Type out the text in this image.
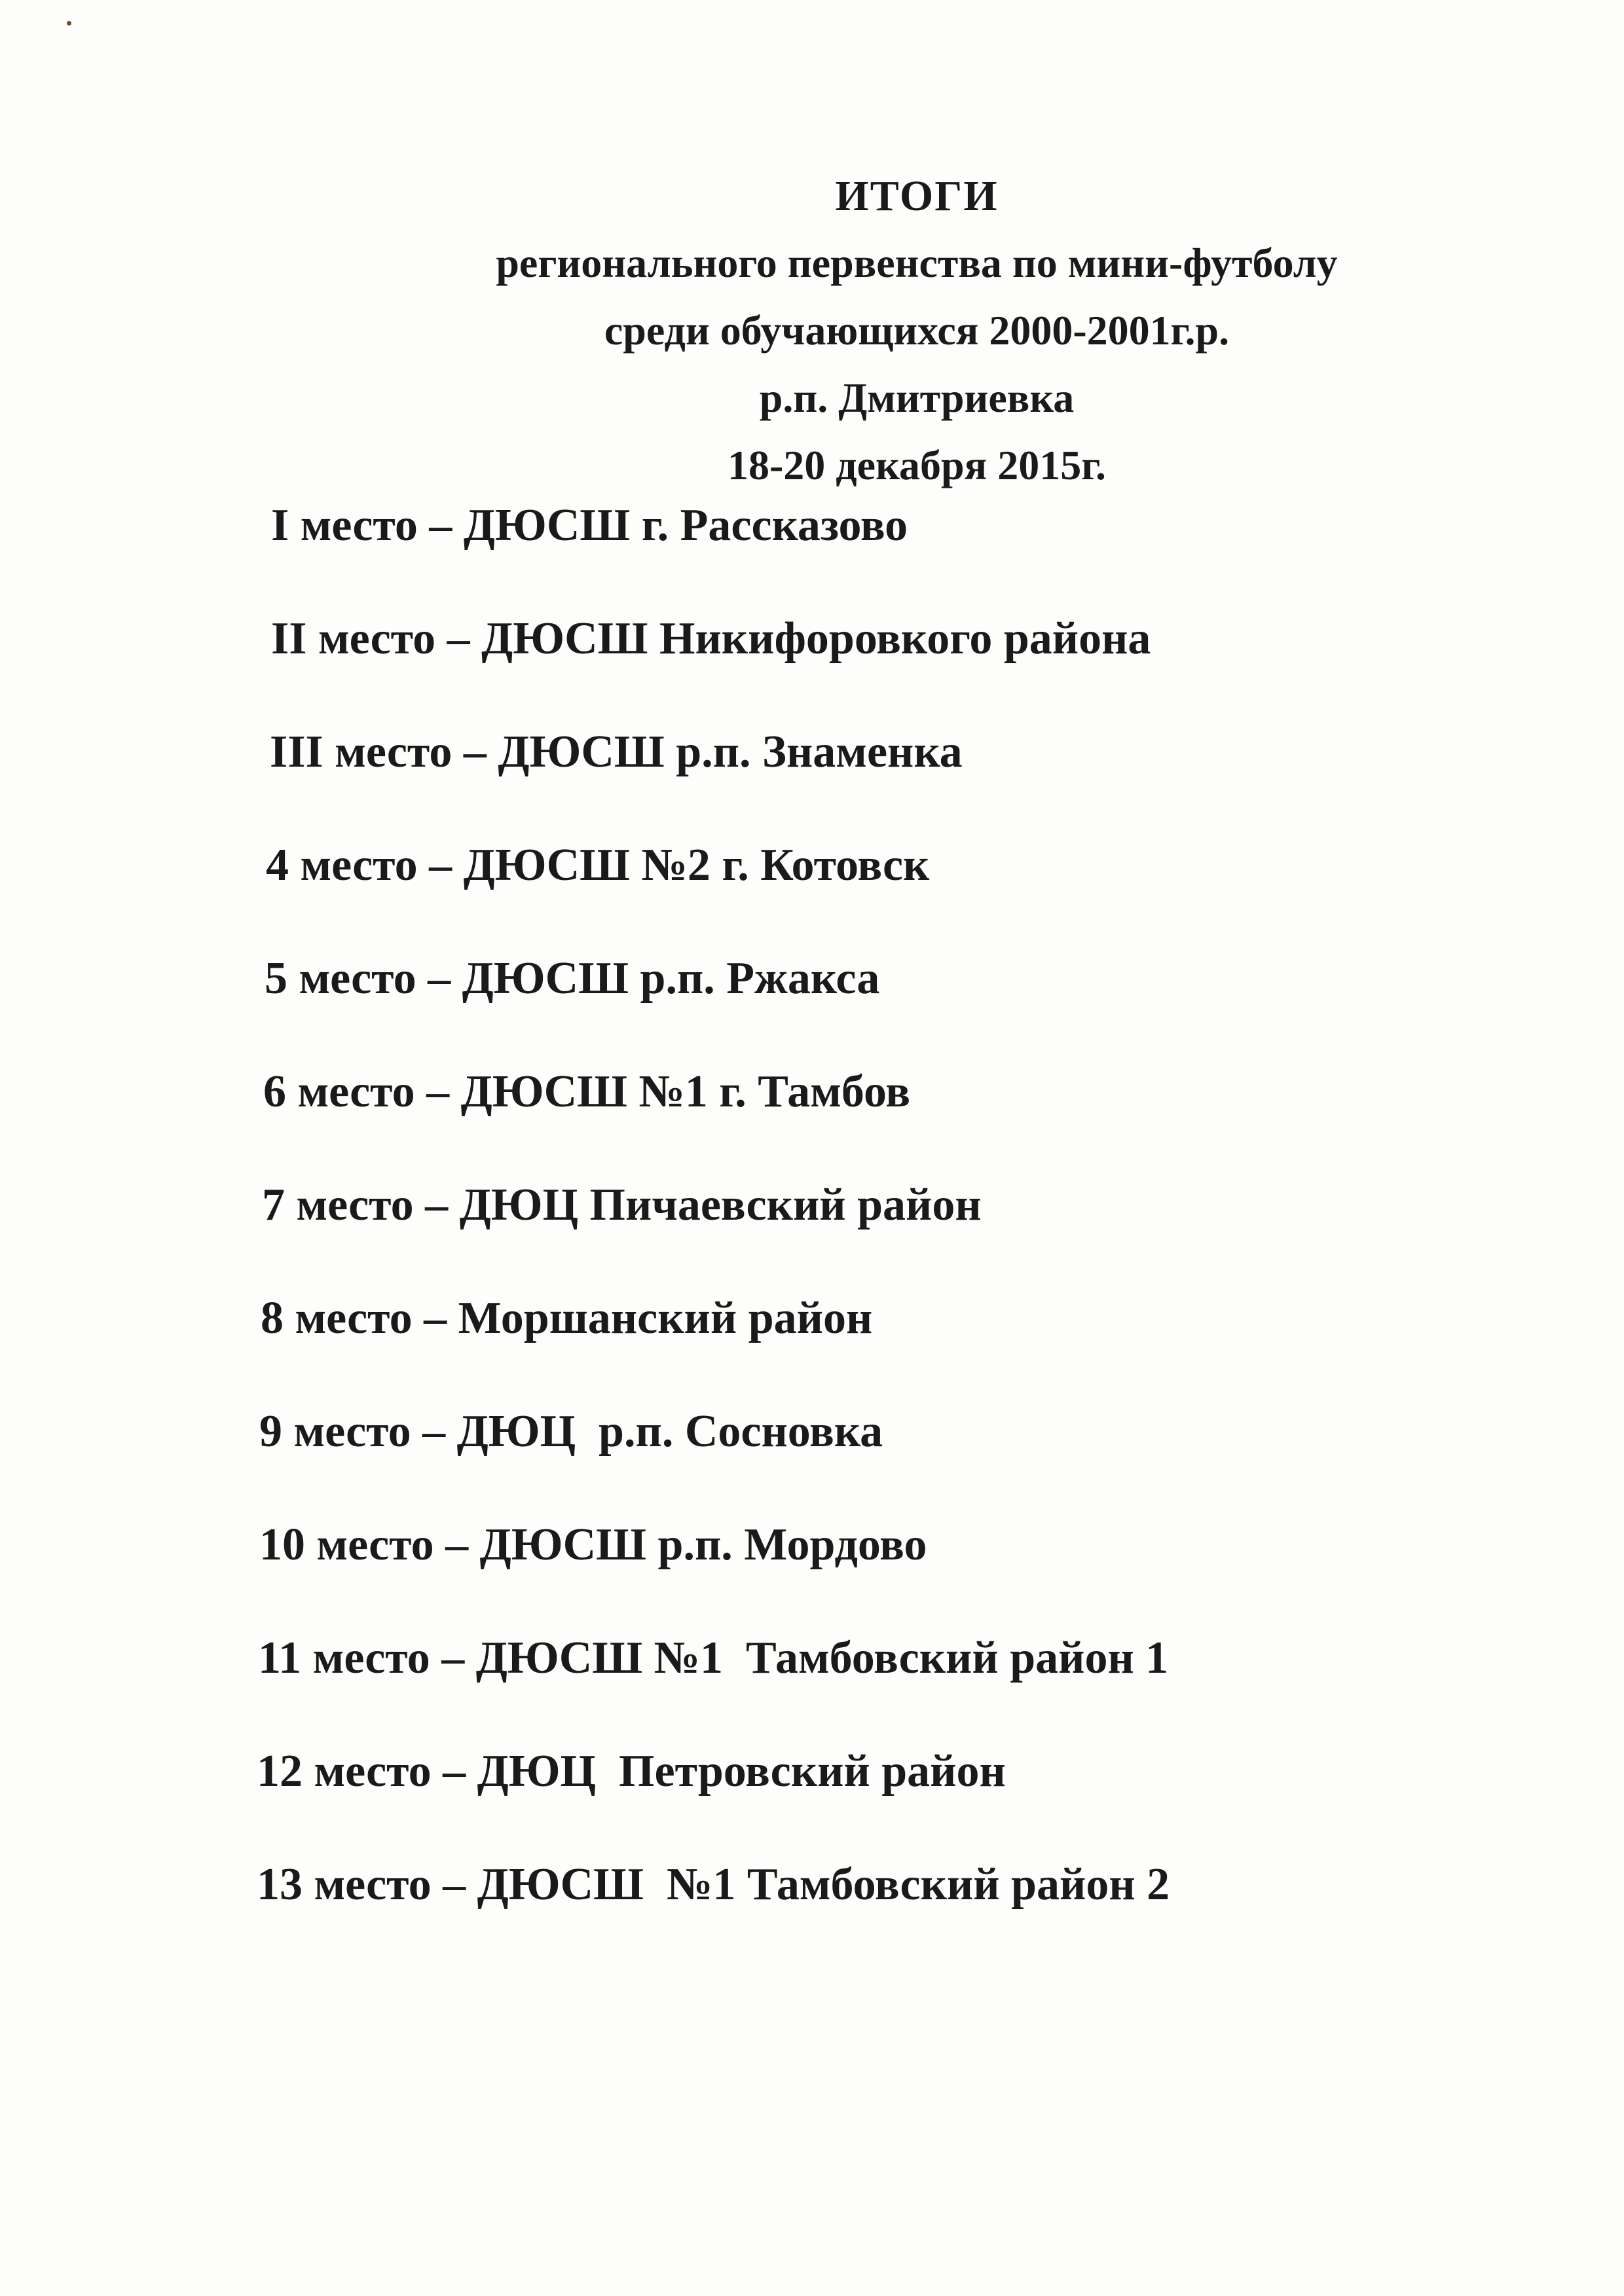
ИТОГИ
регионального первенства по мини-футболу
среди обучающихся 2000-2001г.р.
р.п. Дмитриевка
18-20 декабря 2015г.
I место – ДЮСШ г. Рассказово
II место – ДЮСШ Никифоровкого района
III место – ДЮСШ р.п. Знаменка
4 место – ДЮСШ №2 г. Котовск
5 место – ДЮСШ р.п. Ржакса
6 место – ДЮСШ №1 г. Тамбов
7 место – ДЮЦ Пичаевский район
8 место – Моршанский район
9 место – ДЮЦ  р.п. Сосновка
10 место – ДЮСШ р.п. Мордово
11 место – ДЮСШ №1  Тамбовский район 1
12 место – ДЮЦ  Петровский район
13 место – ДЮСШ  №1 Тамбовский район 2
